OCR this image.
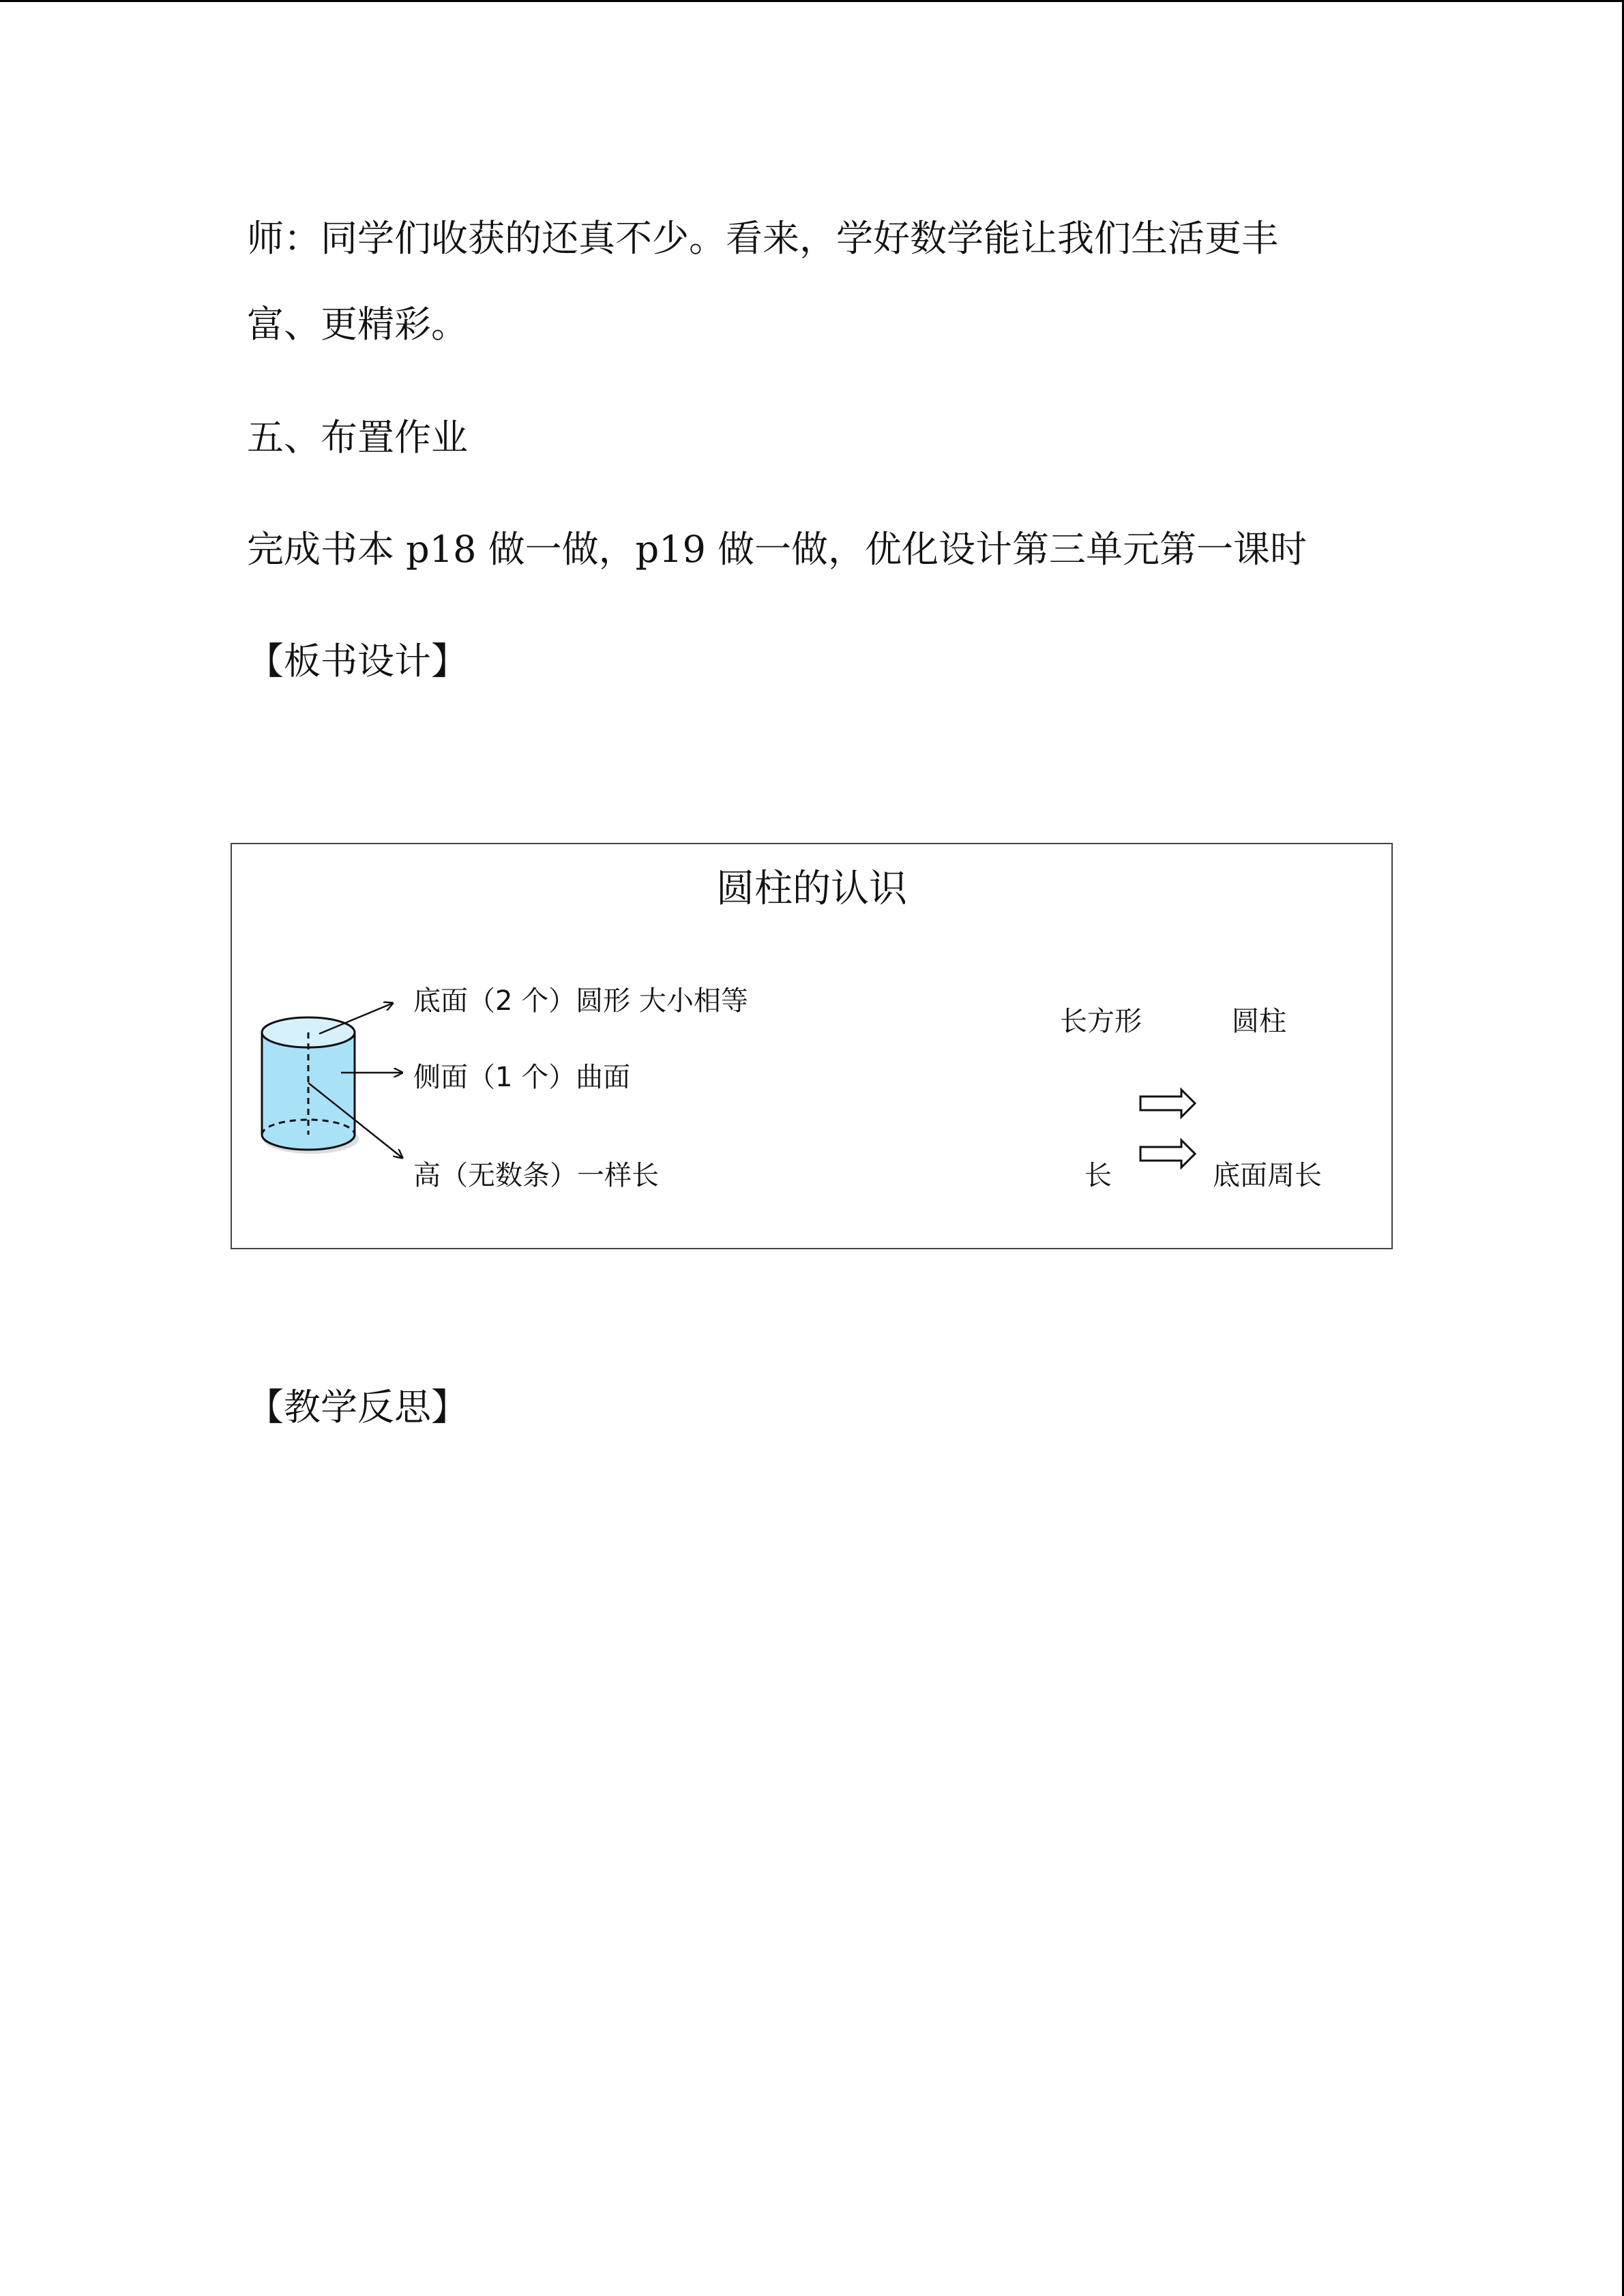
师：同学们收获的还真不少。看来，学好数学能让我们生活更丰
富、更精彩。
五、布置作业
完成书本 p18 做一做，p19 做一做，优化设计第三单元第一课时
【板书设计】
圆柱的认识
底面（2 个）圆形 大小相等
侧面（1 个）曲面
高（无数条）一样长
长方形	圆柱
长	底面周长
【教学反思】
